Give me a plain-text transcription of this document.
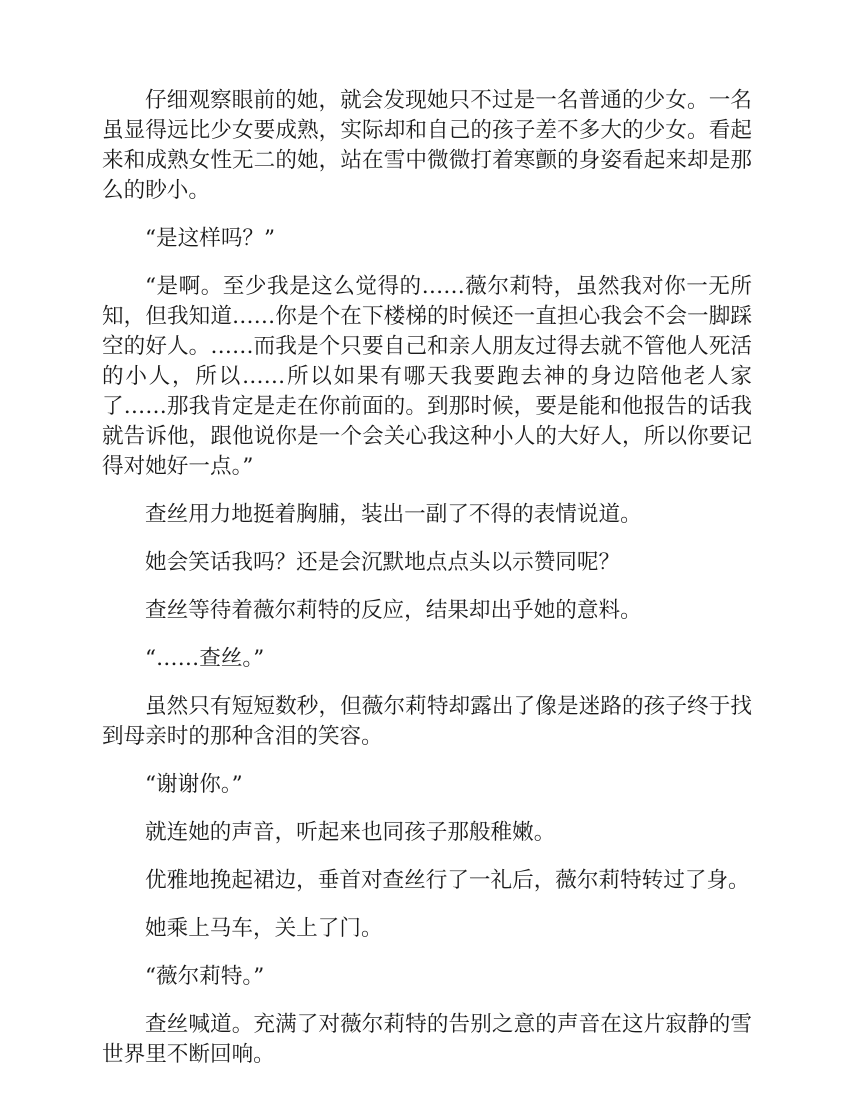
仔细观察眼前的她，就会发现她只不过是一名普通的少女。一名虽显得远比少女要成熟，实际却和自己的孩子差不多大的少女。看起来和成熟女性无二的她，站在雪中微微打着寒颤的身姿看起来却是那么的眇小。

“是这样吗？”

“是啊。至少我是这么觉得的……薇尔莉特，虽然我对你一无所知，但我知道……你是个在下楼梯的时候还一直担心我会不会一脚踩空的好人。……而我是个只要自己和亲人朋友过得去就不管他人死活的小人，所以……所以如果有哪天我要跑去神的身边陪他老人家了……那我肯定是走在你前面的。到那时候，要是能和他报告的话我就告诉他，跟他说你是一个会关心我这种小人的大好人，所以你要记得对她好一点。”

查丝用力地挺着胸脯，装出一副了不得的表情说道。

她会笑话我吗？还是会沉默地点点头以示赞同呢？

查丝等待着薇尔莉特的反应，结果却出乎她的意料。

“……查丝。”

虽然只有短短数秒，但薇尔莉特却露出了像是迷路的孩子终于找到母亲时的那种含泪的笑容。

“谢谢你。”

就连她的声音，听起来也同孩子那般稚嫩。

优雅地挽起裙边，垂首对查丝行了一礼后，薇尔莉特转过了身。

她乘上马车，关上了门。

“薇尔莉特。”

查丝喊道。充满了对薇尔莉特的告别之意的声音在这片寂静的雪世界里不断回响。
